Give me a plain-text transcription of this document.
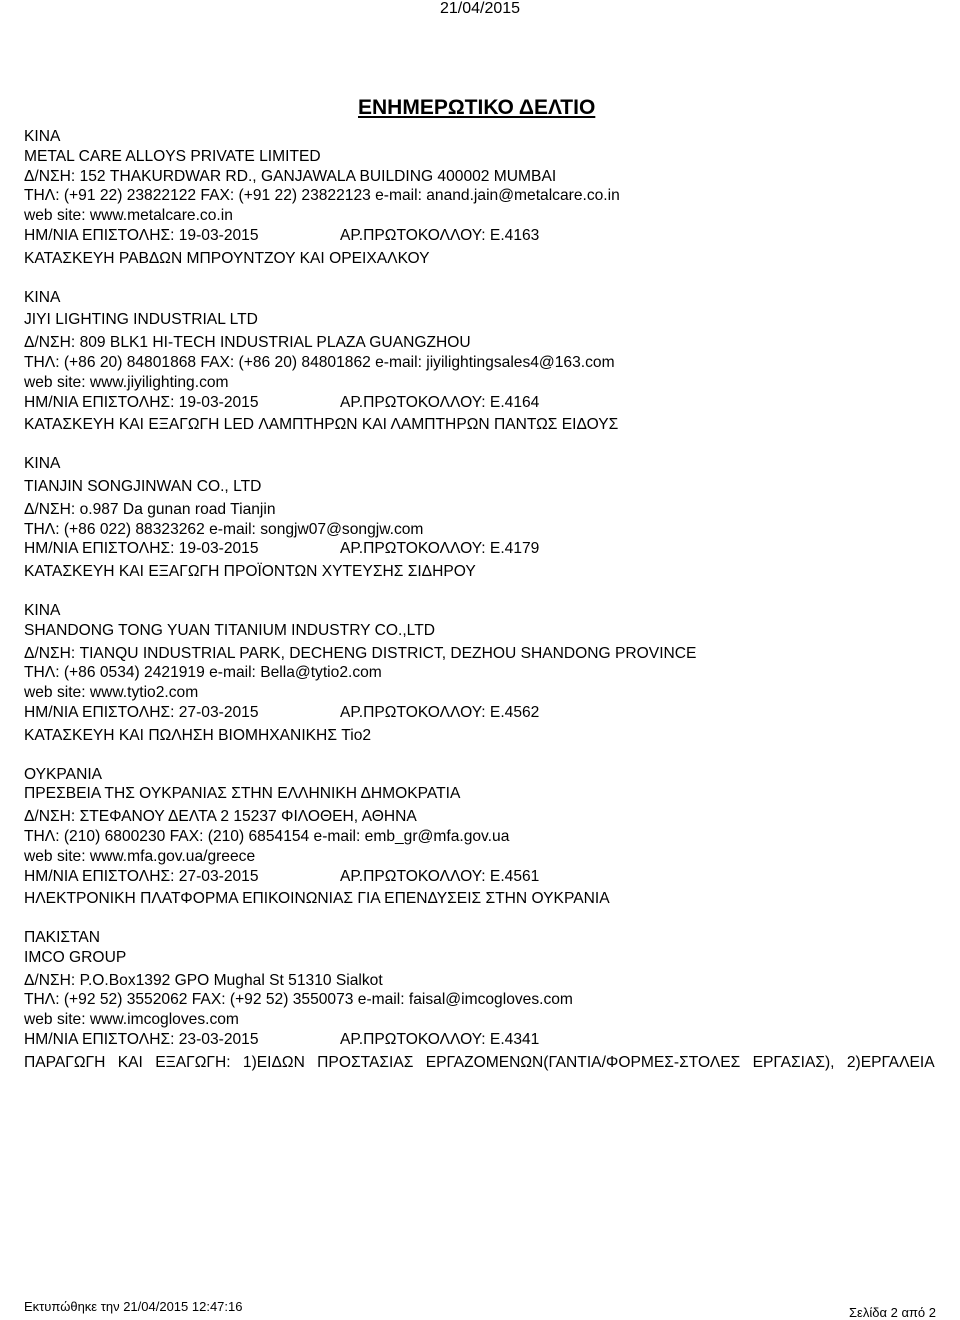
21/04/2015
ΕΝΗΜΕΡΩΤΙΚΟ ΔΕΛΤΙΟ
ΚΙΝΑ
METAL CARE ALLOYS PRIVATE LIMITED
Δ/ΝΣΗ: 152 THAKURDWAR RD., GANJAWALA BUILDING 400002 MUMBAI
ΤΗΛ: (+91 22) 23822122 FAX: (+91 22) 23822123 e-mail: anand.jain@metalcare.co.in
web site: www.metalcare.co.in
ΗΜ/ΝΙΑ ΕΠΙΣΤΟΛΗΣ: 19-03-2015	ΑΡ.ΠΡΩΤΟΚΟΛΛΟΥ: Ε.4163
ΚΑΤΑΣΚΕΥΗ ΡΑΒΔΩΝ ΜΠΡΟΥΝΤΖΟΥ ΚΑΙ ΟΡΕΙΧΑΛΚΟΥ
ΚΙΝΑ
JIYI LIGHTING INDUSTRIAL LTD
Δ/ΝΣΗ: 809 BLK1 HI-TECH INDUSTRIAL PLAZA GUANGZHOU
ΤΗΛ: (+86 20) 84801868 FAX: (+86 20) 84801862 e-mail: jiyilightingsales4@163.com
web site: www.jiyilighting.com
ΗΜ/ΝΙΑ ΕΠΙΣΤΟΛΗΣ: 19-03-2015	ΑΡ.ΠΡΩΤΟΚΟΛΛΟΥ: Ε.4164
ΚΑΤΑΣΚΕΥΗ ΚΑΙ ΕΞΑΓΩΓΗ LED ΛΑΜΠΤΗΡΩΝ ΚΑΙ ΛΑΜΠΤΗΡΩΝ ΠΑΝΤΩΣ ΕΙΔΟΥΣ
ΚΙΝΑ
TIANJIN SONGJINWAN CO., LTD
Δ/ΝΣΗ: o.987 Da gunan road Tianjin
ΤΗΛ: (+86 022) 88323262 e-mail: songjw07@songjw.com
ΗΜ/ΝΙΑ ΕΠΙΣΤΟΛΗΣ: 19-03-2015	ΑΡ.ΠΡΩΤΟΚΟΛΛΟΥ: Ε.4179
ΚΑΤΑΣΚΕΥΗ ΚΑΙ ΕΞΑΓΩΓΗ ΠΡΟΪΟΝΤΩΝ ΧΥΤΕΥΣΗΣ ΣΙΔΗΡΟΥ
ΚΙΝΑ
SHANDONG TONG YUAN TITANIUM INDUSTRY CO.,LTD
Δ/ΝΣΗ: TIANQU INDUSTRIAL PARK, DECHENG DISTRICT, DEZHOU SHANDONG PROVINCE
ΤΗΛ: (+86 0534) 2421919 e-mail: Bella@tytio2.com
web site: www.tytio2.com
ΗΜ/ΝΙΑ ΕΠΙΣΤΟΛΗΣ: 27-03-2015	ΑΡ.ΠΡΩΤΟΚΟΛΛΟΥ: Ε.4562
ΚΑΤΑΣΚΕΥΗ ΚΑΙ ΠΩΛΗΣΗ ΒΙΟΜΗΧΑΝΙΚΗΣ Tio2
ΟΥΚΡΑΝΙΑ
ΠΡΕΣΒΕΙΑ ΤΗΣ ΟΥΚΡΑΝΙΑΣ ΣΤΗΝ ΕΛΛΗΝΙΚΗ ΔΗΜΟΚΡΑΤΙΑ
Δ/ΝΣΗ: ΣΤΕΦΑΝΟΥ ΔΕΛΤΑ 2 15237 ΦΙΛΟΘΕΗ, ΑΘΗΝΑ
ΤΗΛ: (210) 6800230 FAX: (210) 6854154 e-mail: emb_gr@mfa.gov.ua
web site: www.mfa.gov.ua/greece
ΗΜ/ΝΙΑ ΕΠΙΣΤΟΛΗΣ: 27-03-2015	ΑΡ.ΠΡΩΤΟΚΟΛΛΟΥ: Ε.4561
ΗΛΕΚΤΡΟΝΙΚΗ ΠΛΑΤΦΟΡΜΑ ΕΠΙΚΟΙΝΩΝΙΑΣ ΓΙΑ ΕΠΕΝΔΥΣΕΙΣ ΣΤΗΝ ΟΥΚΡΑΝΙΑ
ΠΑΚΙΣΤΑΝ
IMCO GROUP
Δ/ΝΣΗ: P.O.Box1392 GPO Mughal St 51310 Sialkot
ΤΗΛ: (+92 52) 3552062 FAX: (+92 52) 3550073 e-mail: faisal@imcogloves.com
web site: www.imcogloves.com
ΗΜ/ΝΙΑ ΕΠΙΣΤΟΛΗΣ: 23-03-2015	ΑΡ.ΠΡΩΤΟΚΟΛΛΟΥ: Ε.4341
ΠΑΡΑΓΩΓΗ ΚΑΙ ΕΞΑΓΩΓΗ: 1)ΕΙΔΩΝ ΠΡΟΣΤΑΣΙΑΣ ΕΡΓΑΖΟΜΕΝΩΝ(ΓΑΝΤΙΑ/ΦΟΡΜΕΣ-ΣΤΟΛΕΣ ΕΡΓΑΣΙΑΣ), 2)ΕΡΓΑΛΕΙΑ
Εκτυπώθηκε την 21/04/2015 12:47:16	Σελίδα 2 από 2
